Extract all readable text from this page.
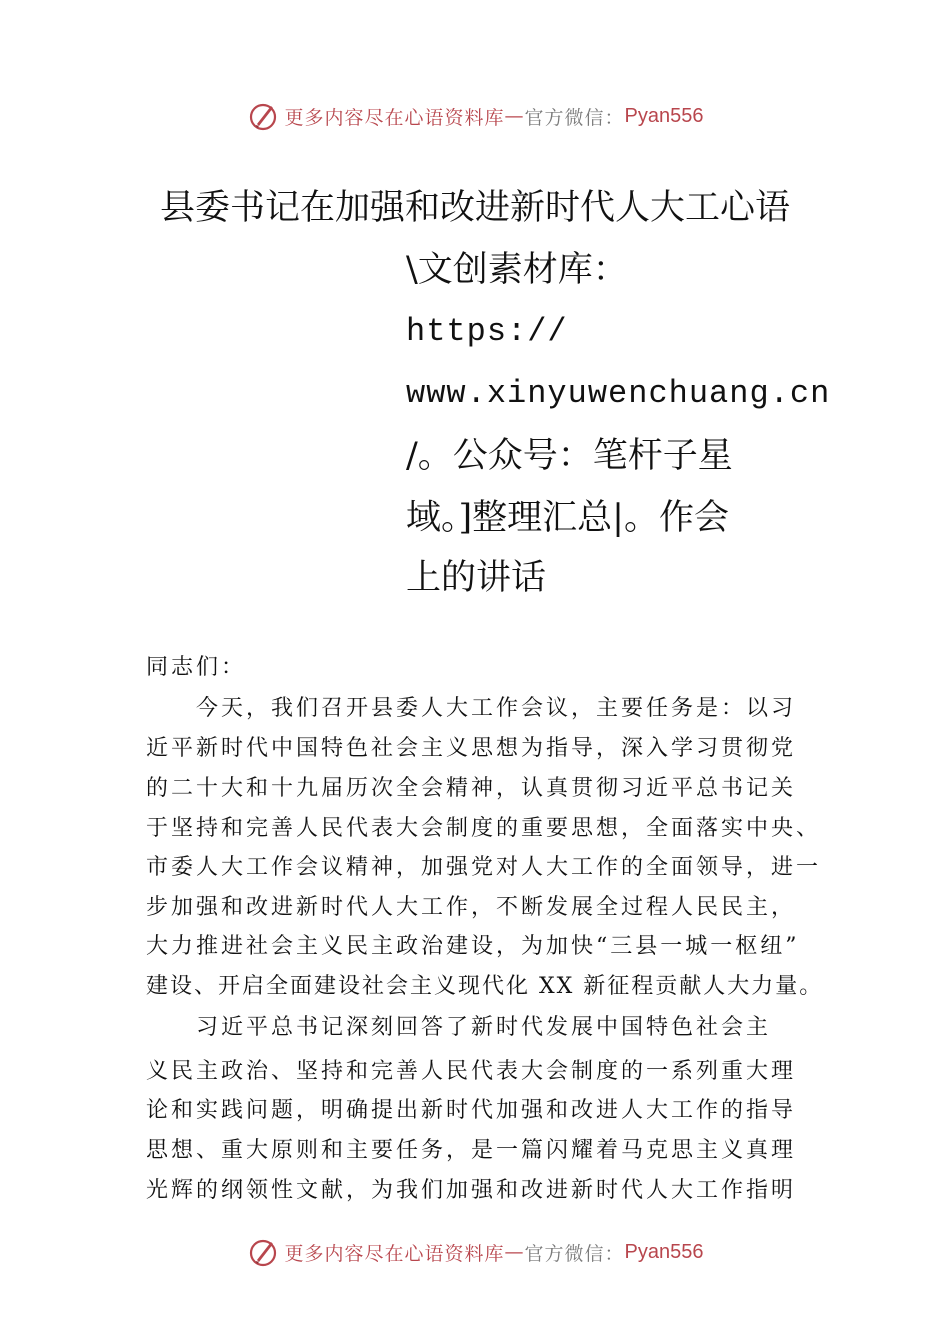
更多内容尽在心语资料库 — 官方微信： Pyan556
县委书记在加强和改进新时代人大工心语
\文创素材库：
https://
www.xinyuwenchuang.cn
/。公众号：笔杆子星
域。]整理汇总|。作会
上的讲话
同志们：
今天，我们召开县委人大工作会议，主要任务是：以习
近平新时代中国特色社会主义思想为指导，深入学习贯彻党
的二十大和十九届历次全会精神，认真贯彻习近平总书记关
于坚持和完善人民代表大会制度的重要思想，全面落实中央、
市委人大工作会议精神，加强党对人大工作的全面领导，进一
步加强和改进新时代人大工作，不断发展全过程人民民主，
大力推进社会主义民主政治建设，为加快“三县一城一枢纽”
建设、开启全面建设社会主义现代化 XX 新征程贡献人大力量。
习近平总书记深刻回答了新时代发展中国特色社会主
义民主政治、坚持和完善人民代表大会制度的一系列重大理
论和实践问题，明确提出新时代加强和改进人大工作的指导
思想、重大原则和主要任务，是一篇闪耀着马克思主义真理
光辉的纲领性文献，为我们加强和改进新时代人大工作指明
更多内容尽在心语资料库 — 官方微信： Pyan556
